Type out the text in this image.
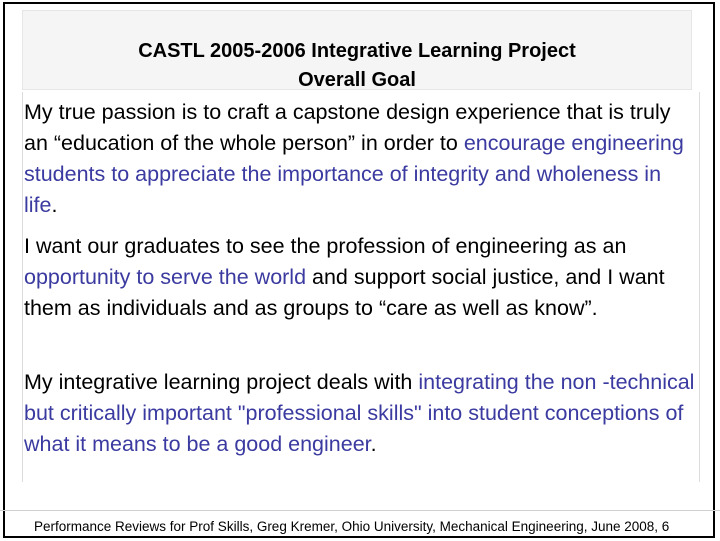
CASTL 2005-2006 Integrative Learning Project
Overall Goal

My true passion is to craft a capstone design experience that is truly an “education of the whole person” in order to encourage engineering students to appreciate the importance of integrity and wholeness in life.

I want our graduates to see the profession of engineering as an opportunity to serve the world and support social justice, and I want them as individuals and as groups to “care as well as know”.

My integrative learning project deals with integrating the non -technical but critically important "professional skills" into student conceptions of what it means to be a good engineer.

Performance Reviews for Prof Skills, Greg Kremer, Ohio University, Mechanical Engineering, June 2008, 6
